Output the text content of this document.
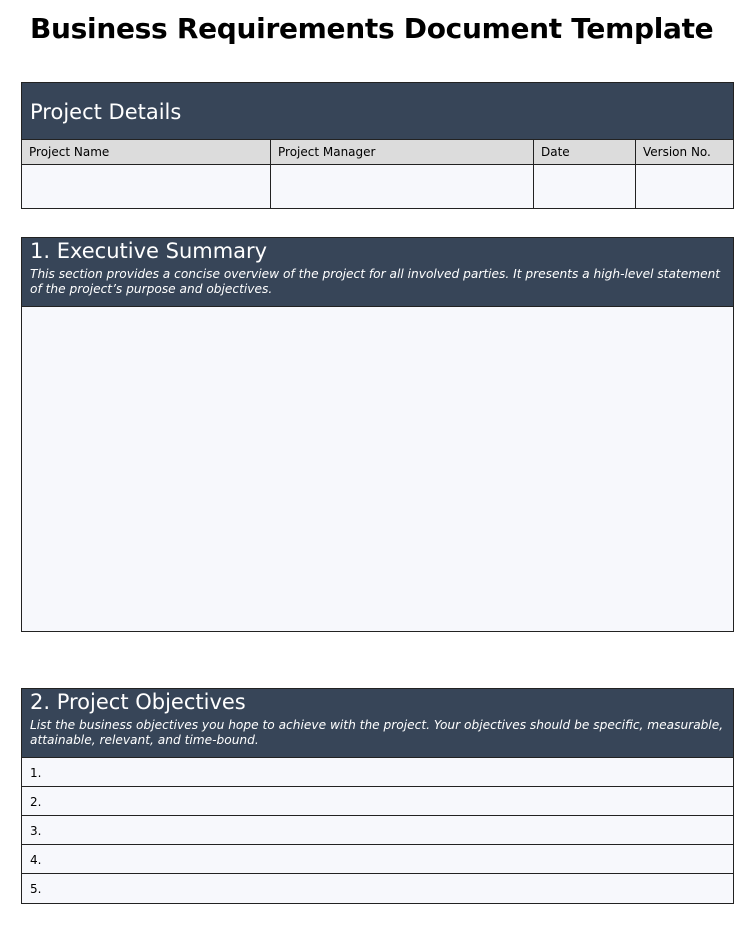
Business Requirements Document Template
Project Details
Project Name	Project Manager	Date	Version No.
1. Executive Summary
This section provides a concise overview of the project for all involved parties. It presents a high-level statement of the project’s purpose and objectives.
2. Project Objectives
List the business objectives you hope to achieve with the project. Your objectives should be specific, measurable, attainable, relevant, and time-bound.
1.
2.
3.
4.
5.
